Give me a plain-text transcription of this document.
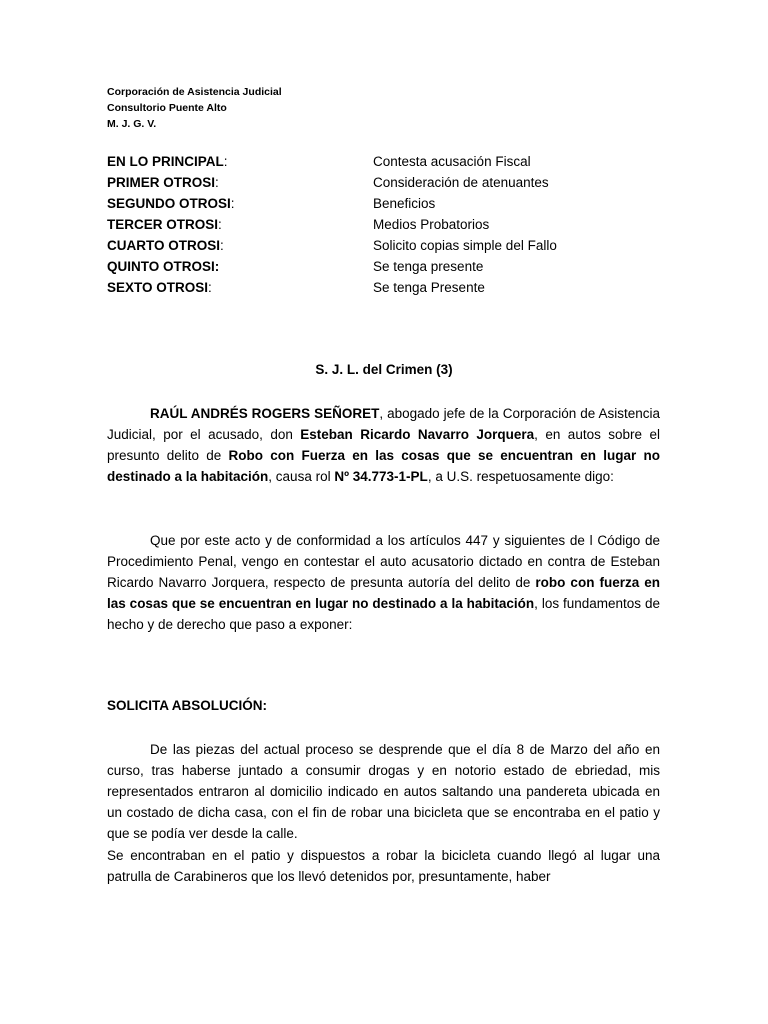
Corporación de Asistencia Judicial
Consultorio Puente Alto
M. J. G. V.
EN LO PRINCIPAL:	Contesta acusación Fiscal
PRIMER OTROSI:	Consideración de atenuantes
SEGUNDO OTROSI:	Beneficios
TERCER OTROSI:	Medios Probatorios
CUARTO OTROSI:	Solicito copias simple del Fallo
QUINTO OTROSI:	Se tenga presente
SEXTO OTROSI:	Se tenga Presente
S. J. L. del Crimen (3)
RAÚL ANDRÉS ROGERS SEÑORET, abogado jefe de la Corporación de Asistencia Judicial, por el acusado, don Esteban Ricardo Navarro Jorquera, en autos sobre el presunto delito de Robo con Fuerza en las cosas que se encuentran en lugar no destinado a la habitación, causa rol Nº 34.773-1-PL, a U.S. respetuosamente digo:
Que por este acto y de conformidad a los artículos 447 y siguientes de l Código de Procedimiento Penal, vengo en contestar el auto acusatorio dictado en contra de Esteban Ricardo Navarro Jorquera, respecto de presunta autoría del delito de robo con fuerza en las cosas que se encuentran en lugar no destinado a la habitación, los fundamentos de hecho y de derecho que paso a exponer:
SOLICITA ABSOLUCIÓN:
De las piezas del actual proceso se desprende que el día 8 de Marzo del año en curso, tras haberse juntado a consumir drogas y en notorio estado de ebriedad, mis representados entraron al domicilio indicado en autos saltando una pandereta ubicada en un costado de dicha casa, con el fin de robar una bicicleta que se encontraba en el patio y que se podía ver desde la calle.
Se encontraban en el patio y dispuestos a robar la bicicleta cuando llegó al lugar una patrulla de Carabineros que los llevó detenidos por, presuntamente, haber
